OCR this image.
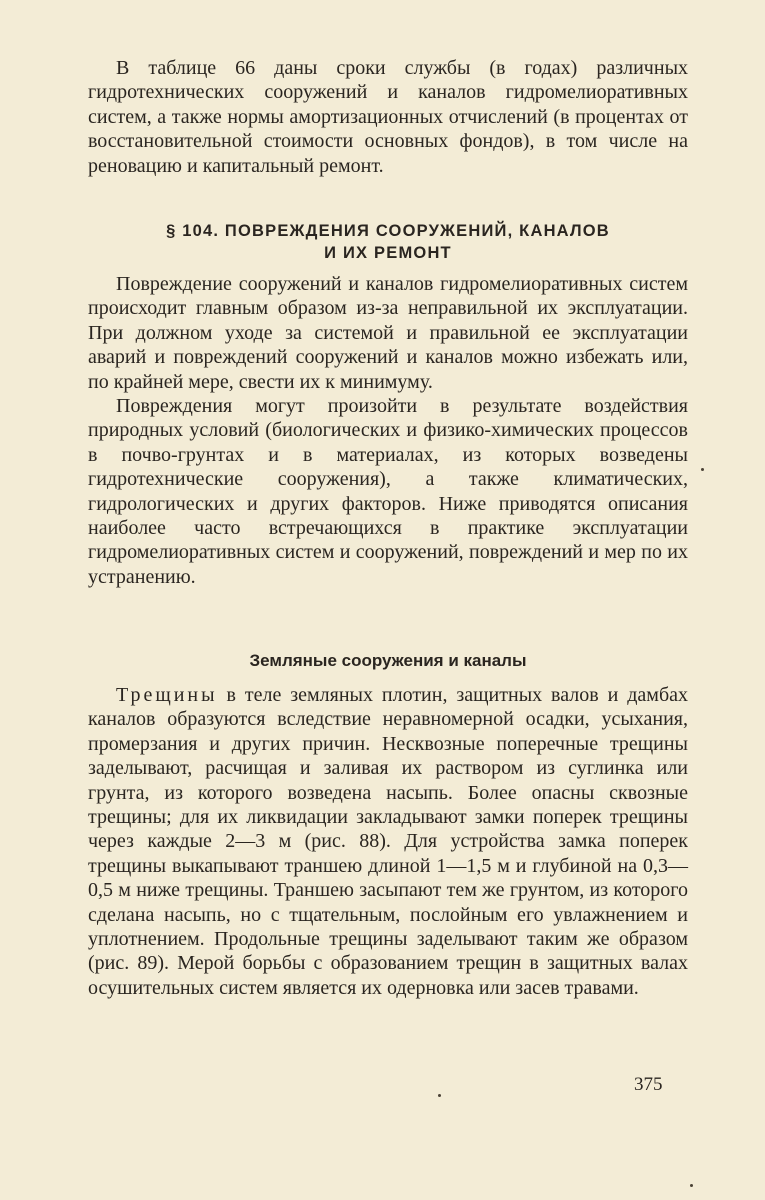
В таблице 66 даны сроки службы (в годах) различных гидротехнических сооружений и каналов гидромелиоративных систем, а также нормы амортизационных отчислений (в процентах от восстановительной стоимости основных фондов), в том числе на реновацию и капитальный ремонт.

§ 104. ПОВРЕЖДЕНИЯ СООРУЖЕНИЙ, КАНАЛОВ
И ИХ РЕМОНТ

Повреждение сооружений и каналов гидромелиоративных систем происходит главным образом из-за неправильной их эксплуатации. При должном уходе за системой и правильной ее эксплуатации аварий и повреждений сооружений и каналов можно избежать или, по крайней мере, свести их к минимуму.

Повреждения могут произойти в результате воздействия природных условий (биологических и физико-химических процессов в почво-грунтах и в материалах, из которых возведены гидротехнические сооружения), а также климатических, гидрологических и других факторов. Ниже приводятся описания наиболее часто встречающихся в практике эксплуатации гидромелиоративных систем и сооружений, повреждений и мер по их устранению.

Земляные сооружения и каналы

Трещины в теле земляных плотин, защитных валов и дамбах каналов образуются вследствие неравномерной осадки, усыхания, промерзания и других причин. Несквозные поперечные трещины заделывают, расчищая и заливая их раствором из суглинка или грунта, из которого возведена насыпь. Более опасны сквозные трещины; для их ликвидации закладывают замки поперек трещины через каждые 2—3 м (рис. 88). Для устройства замка поперек трещины выкапывают траншею длиной 1—1,5 м и глубиной на 0,3—0,5 м ниже трещины. Траншею засыпают тем же грунтом, из которого сделана насыпь, но с тщательным, послойным его увлажнением и уплотнением. Продольные трещины заделывают таким же образом (рис. 89). Мерой борьбы с образованием трещин в защитных валах осушительных систем является их одерновка или засев травами.

375
